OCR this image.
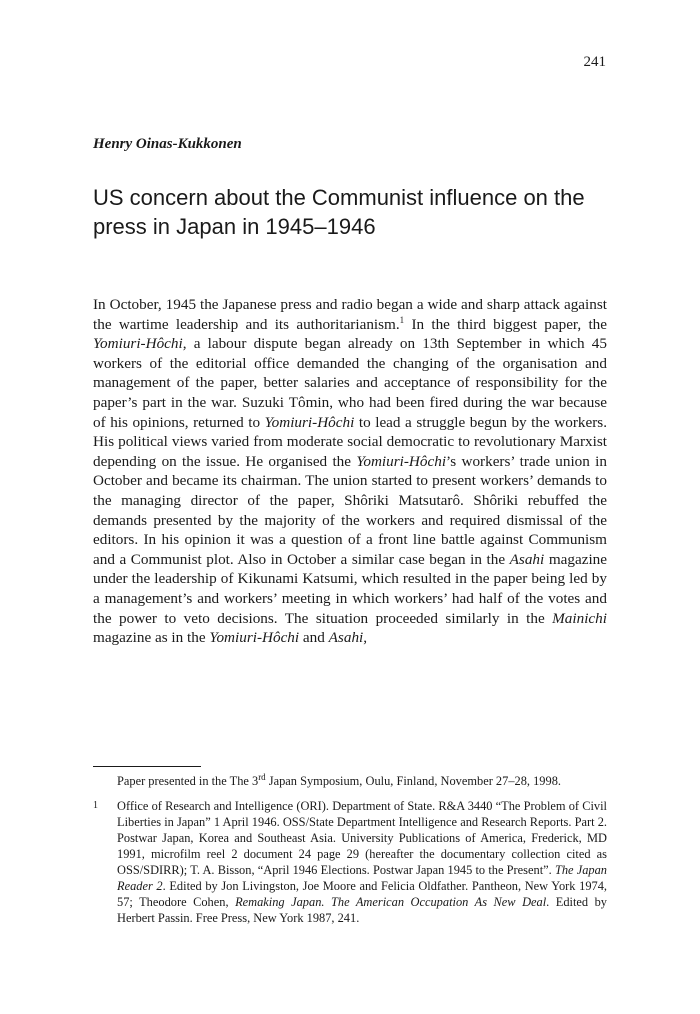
241
Henry Oinas-Kukkonen
US concern about the Communist influence on the press in Japan in 1945–1946

In October, 1945 the Japanese press and radio began a wide and sharp attack against the wartime leadership and its authoritarianism.$^1$ In the third biggest paper, the Yomiuri-Hôchi, a labour dispute began already on 13th September in which 45 workers of the editorial office demanded the changing of the organisation and management of the paper, better salaries and acceptance of responsibility for the paper’s part in the war. Suzuki Tômin, who had been fired during the war because of his opinions, returned to Yomiuri-Hôchi to lead a struggle begun by the workers. His political views varied from moderate social democratic to revolutionary Marxist depending on the issue. He organised the Yomiuri-Hôchi’s workers’ trade union in October and became its chairman. The union started to present workers’ demands to the managing director of the paper, Shôriki Matsutarô. Shôriki rebuffed the demands presented by the majority of the workers and required dismissal of the editors. In his opinion it was a question of a front line battle against Communism and a Communist plot. Also in October a similar case began in the Asahi magazine under the leadership of Kikunami Katsumi, which resulted in the paper being led by a management’s and workers’ meeting in which workers’ had half of the votes and the power to veto decisions. The situation proceeded similarly in the Mainichi magazine as in the Yomiuri-Hôchi and Asahi,

Paper presented in the The 3rd Japan Symposium, Oulu, Finland, November 27–28, 1998.
1 Office of Research and Intelligence (ORI). Department of State. R&A 3440 “The Problem of Civil Liberties in Japan” 1 April 1946. OSS/State Department Intelligence and Research Reports. Part 2. Postwar Japan, Korea and Southeast Asia. University Publications of America, Frederick, MD 1991, microfilm reel 2 document 24 page 29 (hereafter the documentary collection cited as OSS/SDIRR); T. A. Bisson, “April 1946 Elections. Postwar Japan 1945 to the Present”. The Japan Reader 2. Edited by Jon Livingston, Joe Moore and Felicia Oldfather. Pantheon, New York 1974, 57; Theodore Cohen, Remaking Japan. The American Occupation As New Deal. Edited by Herbert Passin. Free Press, New York 1987, 241.
